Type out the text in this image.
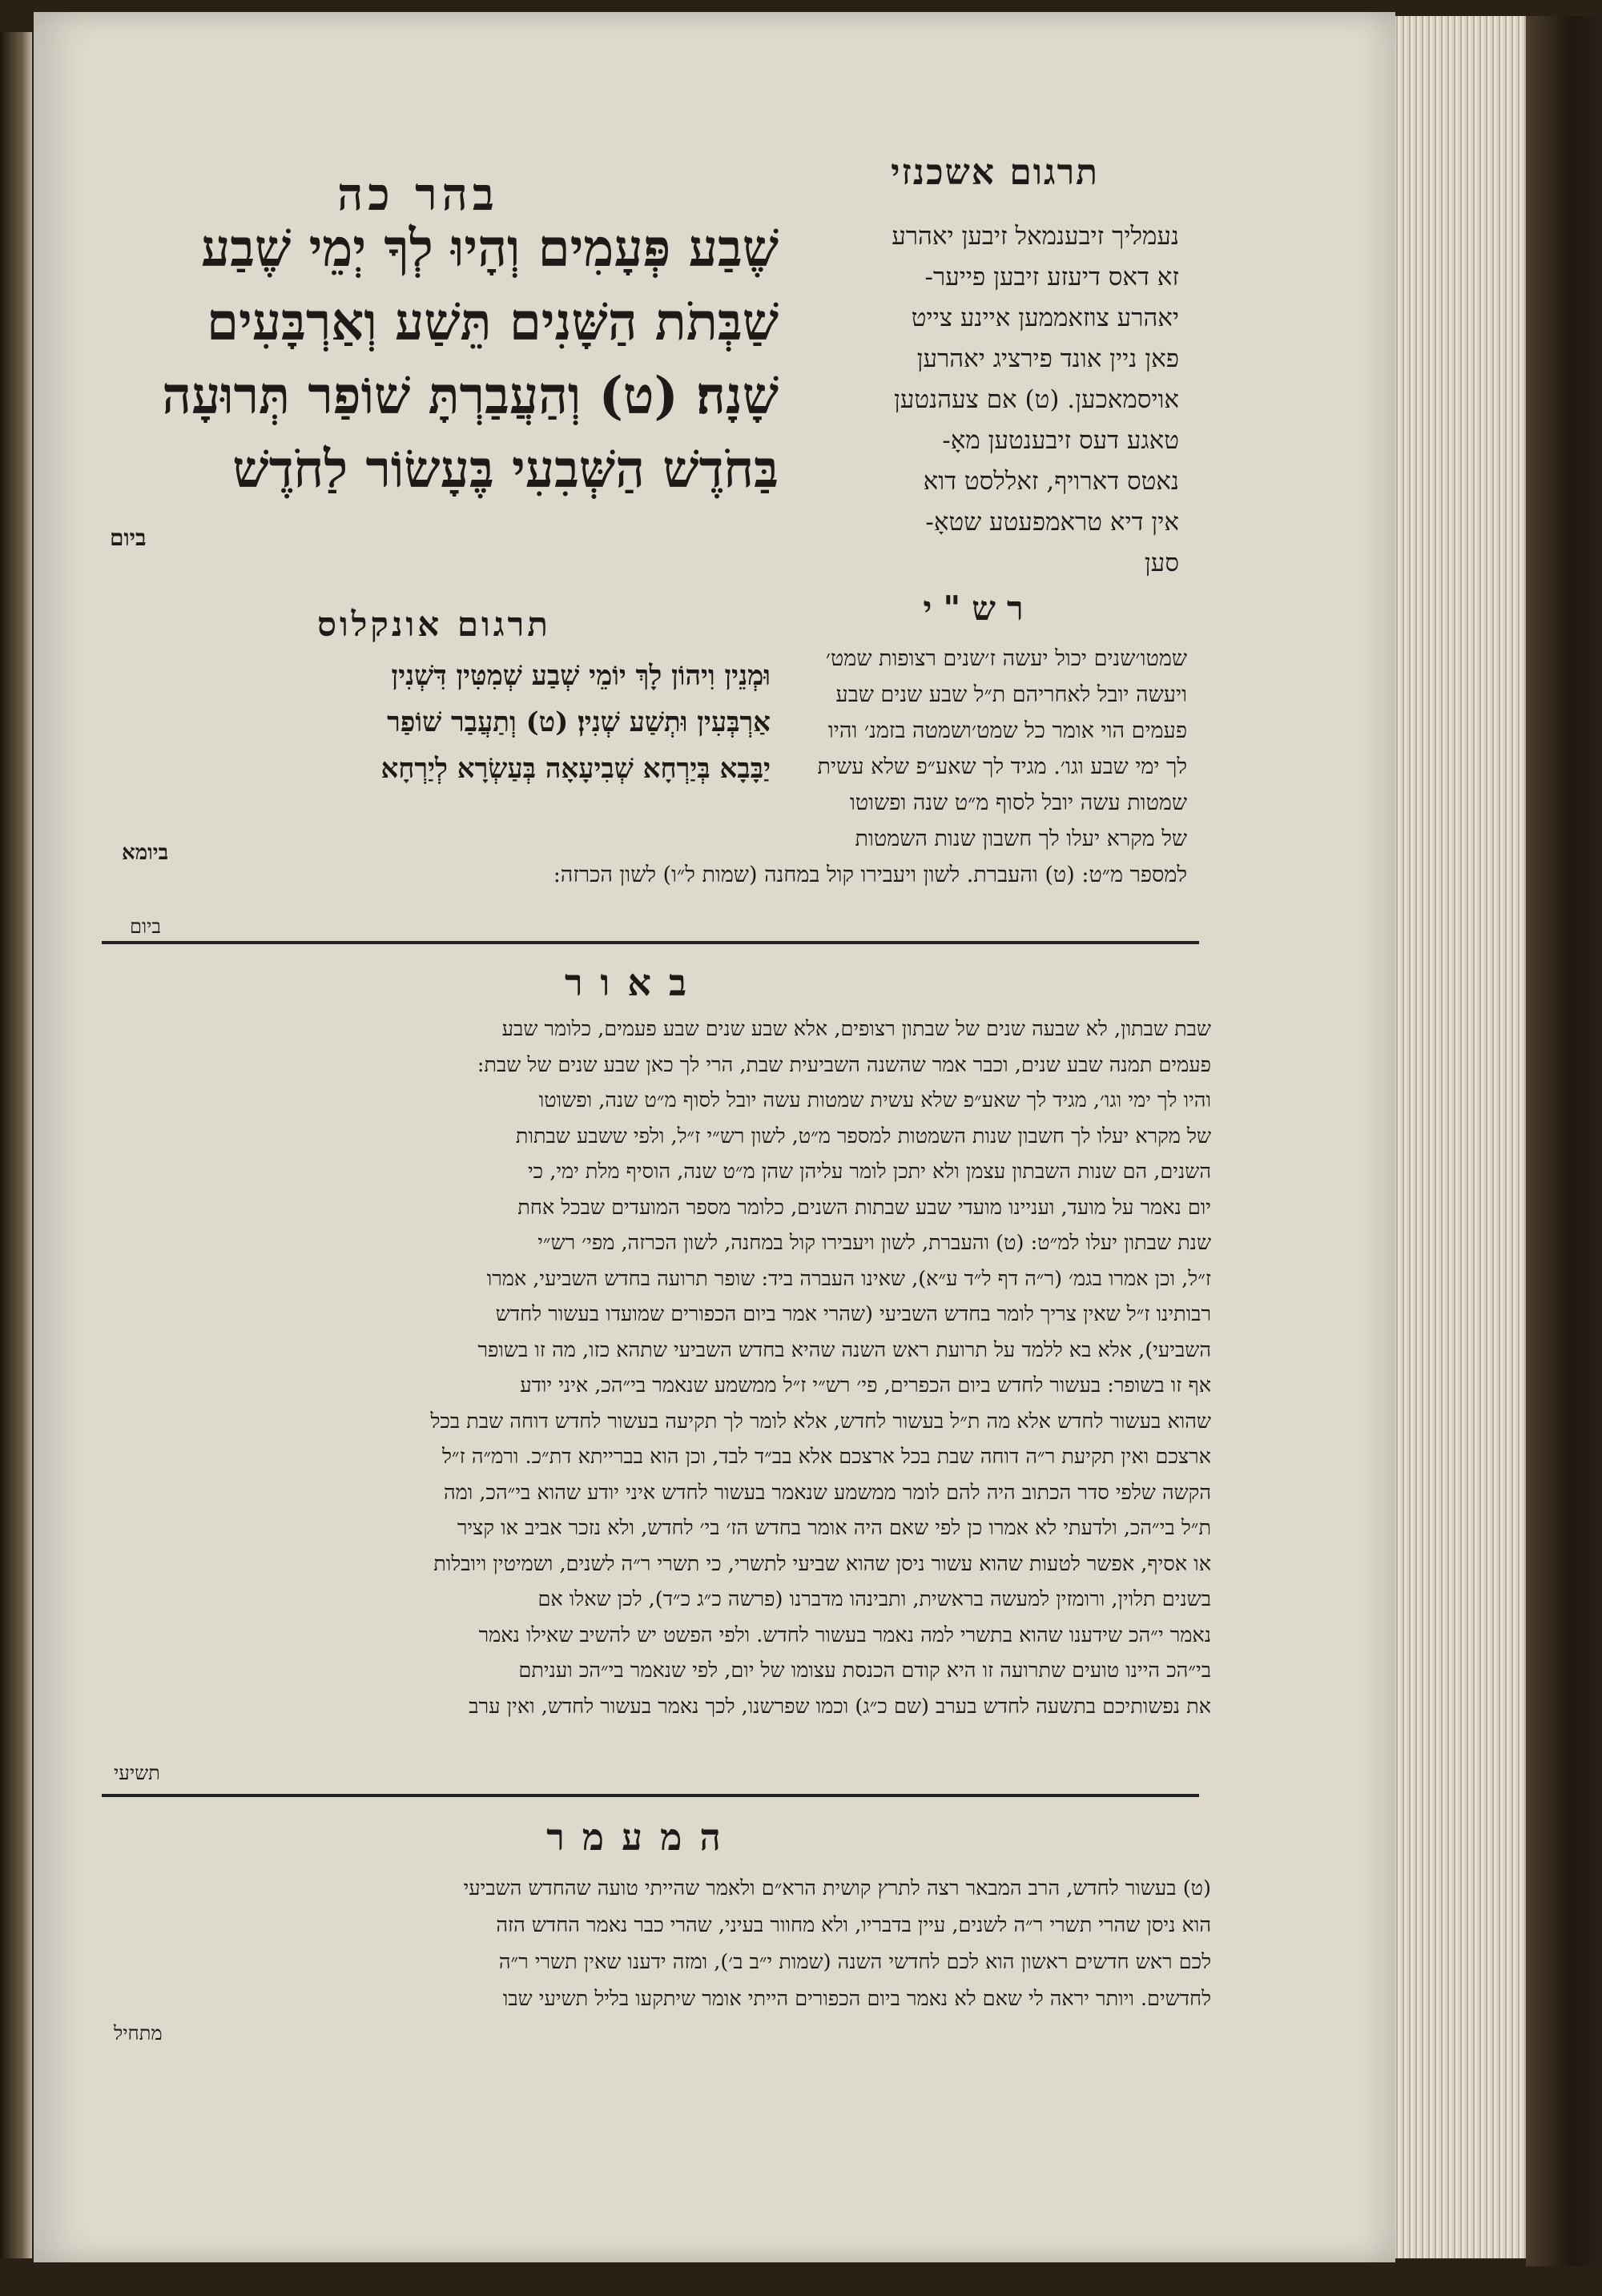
בהר כה	תרגום אשכנזי
נעמליך זיבענמאל זיבען יאהרע
זא דאס דיעזע זיבען פייער-
יאהרע צוזאממען איינע צייט
פאן ניין אונד פירציג יאהרען
אויסמאכען. (ט) אם צעהנטען
טאגע דעס זיבענטען מאָ-
נאטס דארויף, זאללסט דוא
אין דיא טראמפעטע שטאָ-
סען
שֶׁבַע פְּעָמִים וְהָיוּ לְךָ יְמֵי שֶׁבַע
שַׁבְּתֹת הַשָּׁנִים תֵּשַׁע וְאַרְבָּעִים
שָׁנָה׃ (ט) וְהַעֲבַרְתָּ שׁוֹפַר תְּרוּעָה
בַּחֹדֶשׁ הַשְּׁבִעִי בֶּעָשׂוֹר לַחֹדֶשׁ
ביום
רש"י
שמטו׳שנים יכול יעשה ז׳שנים רצופות שמט׳
ויעשה יובל לאחריהם ת״ל שבע שנים שבע
פעמים הוי אומר כל שמט׳ושמטה בזמנ׳ והיו
לך ימי שבע וגו׳. מגיד לך שאע״פ שלא עשית
שמטות עשה יובל לסוף מ״ט שנה ופשוטו
של מקרא יעלו לך חשבון שנות השמטות
למספר מ״ט: (ט) והעברת. לשון ויעבירו קול במחנה (שמות ל״ו) לשון הכרזה:
תרגום אונקלוס
וּמְנֵין וִיהוֹן לָךְ יוֹמֵי שְׁבַע שְׁמִטִּין דִּשְׁנִין
אַרְבְּעִין וּתְשַׁע שְׁנִין׃ (ט) וְתַעֲבַר שׁוֹפַר
יַבָּבָא בְּיַרְחָא שְׁבִיעָאָה בְּעַשְׂרָא לְיַרְחָא
ביומא
ביום
באור
שבת שבתון, לא שבעה שנים של שבתון רצופים, אלא שבע שנים שבע פעמים, כלומר שבע
פעמים תמנה שבע שנים, וכבר אמר שהשנה השביעית שבת, הרי לך כאן שבע שנים של שבת:
והיו לך ימי וגו׳, מגיד לך שאע״פ שלא עשית שמטות עשה יובל לסוף מ״ט שנה, ופשוטו
של מקרא יעלו לך חשבון שנות השמטות למספר מ״ט, לשון רש״י ז״ל, ולפי ששבע שבתות
השנים, הם שנות השבתון עצמן ולא יתכן לומר עליהן שהן מ״ט שנה, הוסיף מלת ימי, כי
יום נאמר על מועד, ועניינו מועדי שבע שבתות השנים, כלומר מספר המועדים שבכל אחת
שנת שבתון יעלו למ״ט: (ט) והעברת, לשון ויעבירו קול במחנה, לשון הכרזה, מפי׳ רש״י
ז״ל, וכן אמרו בגמ׳ (ר״ה דף ל״ד ע״א), שאינו העברה ביד: שופר תרועה בחדש השביעי, אמרו
רבותינו ז״ל שאין צריך לומר בחדש השביעי (שהרי אמר ביום הכפורים שמועדו בעשור לחדש
השביעי), אלא בא ללמד על תרועת ראש השנה שהיא בחדש השביעי שתהא כזו, מה זו בשופר
אף זו בשופר: בעשור לחדש ביום הכפרים, פי׳ רש״י ז״ל ממשמע שנאמר בי״הכ, איני יודע
שהוא בעשור לחדש אלא מה ת״ל בעשור לחדש, אלא לומר לך תקיעה בעשור לחדש דוחה שבת בכל
ארצכם ואין תקיעת ר״ה דוחה שבת בכל ארצכם אלא בב״ד לבד, וכן הוא בברייתא דת״כ. ורמ״ה ז״ל
הקשה שלפי סדר הכתוב היה להם לומר ממשמע שנאמר בעשור לחדש איני יודע שהוא בי״הכ, ומה
ת״ל בי״הכ, ולדעתי לא אמרו כן לפי שאם היה אומר בחדש הז׳ בי׳ לחדש, ולא נזכר אביב או קציר
או אסיף, אפשר לטעות שהוא עשור ניסן שהוא שביעי לתשרי, כי תשרי ר״ה לשנים, ושמיטין ויובלות
בשנים תלוין, ורומזין למעשה בראשית, ותבינהו מדברנו (פרשה כ״ג כ״ד), לכן שאלו אם
נאמר י״הכ שידענו שהוא בתשרי למה נאמר בעשור לחדש. ולפי הפשט יש להשיב שאילו נאמר
בי״הכ היינו טועים שתרועה זו היא קודם הכנסת עצומו של יום, לפי שנאמר בי״הכ ועניתם
את נפשותיכם בתשעה לחדש בערב (שם כ״ג) וכמו שפרשנו, לכך נאמר בעשור לחדש, ואין ערב
תשיעי
המעמר
(ט) בעשור לחדש, הרב המבאר רצה לתרץ קושית הרא״ם ולאמר שהייתי טועה שהחדש השביעי
הוא ניסן שהרי תשרי ר״ה לשנים, עיין בדבריו, ולא מחוור בעיני, שהרי כבר נאמר החדש הזה
לכם ראש חדשים ראשון הוא לכם לחדשי השנה (שמות י״ב ב׳), ומזה ידענו שאין תשרי ר״ה
לחדשים. ויותר יראה לי שאם לא נאמר ביום הכפורים הייתי אומר שיתקעו בליל תשיעי שבו
מתחיל
